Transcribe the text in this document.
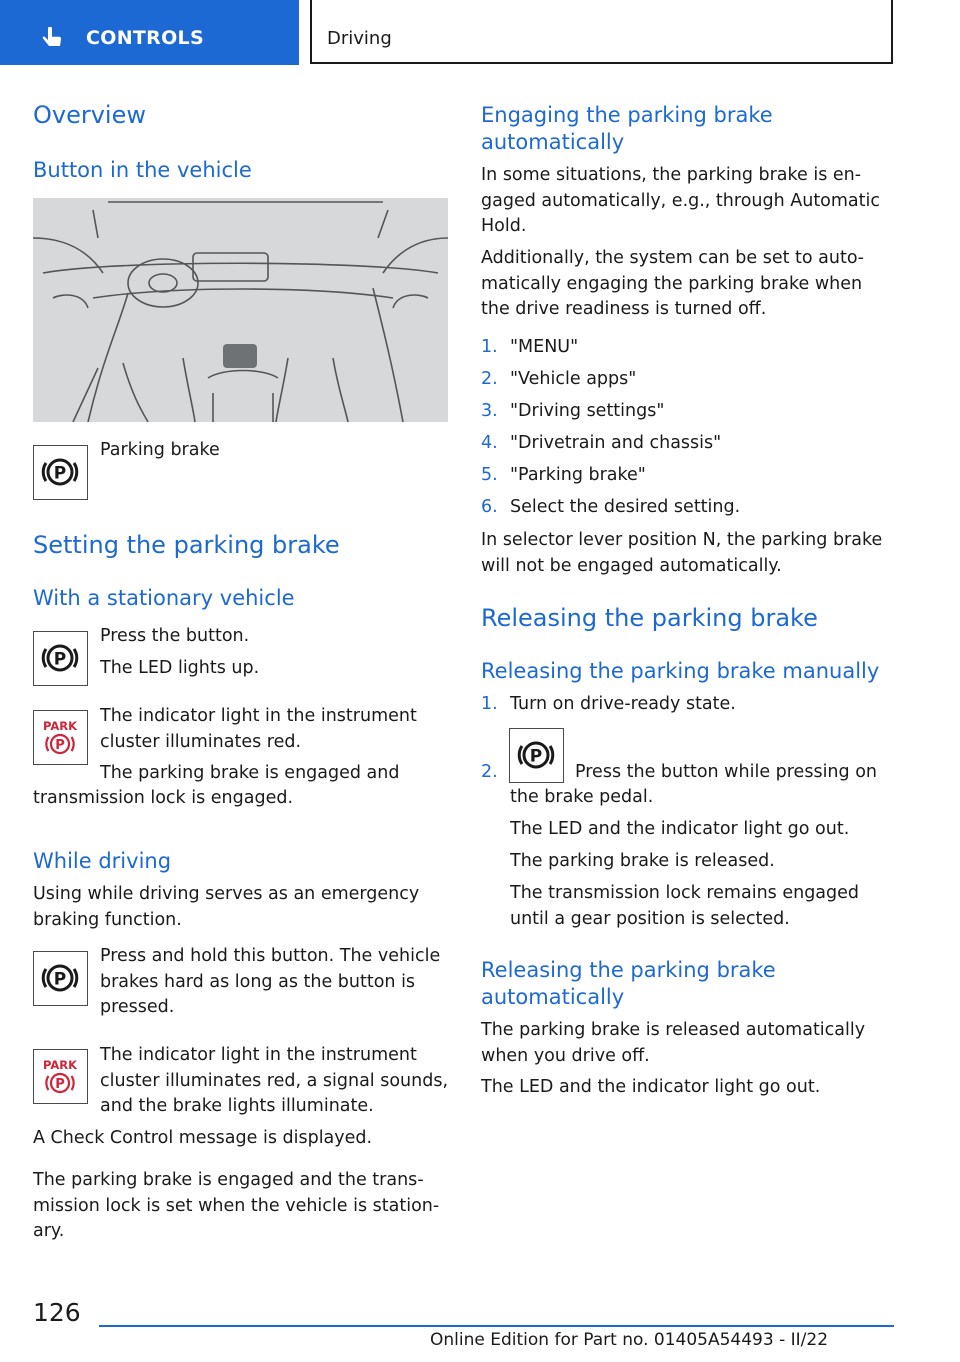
CONTROLS	Driving
Overview
Button in the vehicle
P

Parking brake

Setting the parking brake
With a stationary vehicle
P

Press the button.

The LED lights up.

PARK
P

The indicator light in the instrument cluster illuminates red.

The parking brake is engaged and

transmission lock is engaged.

While driving

Using while driving serves as an emergency braking function.

P

Press and hold this button. The vehicle brakes hard as long as the button is pressed.

PARK
P

The indicator light in the instrument cluster illuminates red, a signal sounds, and the brake lights illuminate.

A Check Control message is displayed.

The parking brake is engaged and the transmission lock is set when the vehicle is stationary.

Engaging the parking brake automatically

In some situations, the parking brake is engaged automatically, e.g., through Automatic Hold.

Additionally, the system can be set to automatically engaging the parking brake when the drive readiness is turned off.

1. "MENU"
2. "Vehicle apps"
3. "Driving settings"
4. "Drivetrain and chassis"
5. "Parking brake"
6. Select the desired setting.

In selector lever position N, the parking brake will not be engaged automatically.

Releasing the parking brake
Releasing the parking brake manually
1. Turn on drive-ready state.
2.
P

Press the button while pressing on

the brake pedal.

The LED and the indicator light go out.

The parking brake is released.

The transmission lock remains engaged until a gear position is selected.

Releasing the parking brake automatically

The parking brake is released automatically when you drive off.

The LED and the indicator light go out.

126
Online Edition for Part no. 01405A54493 - II/22
